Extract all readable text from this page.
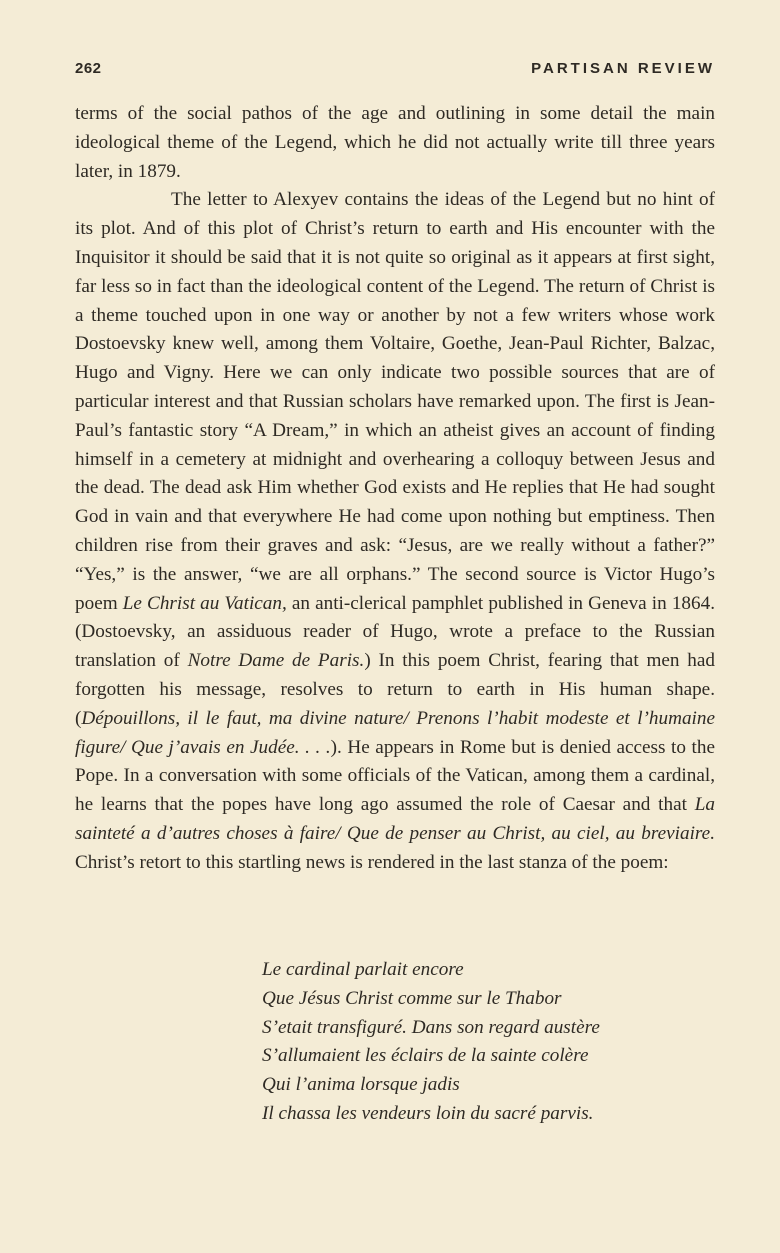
262	PARTISAN REVIEW

terms of the social pathos of the age and outlining in some detail the main ideological theme of the Legend, which he did not actually write till three years later, in 1879.

The letter to Alexyev contains the ideas of the Legend but no hint of its plot. And of this plot of Christ’s return to earth and His encounter with the Inquisitor it should be said that it is not quite so original as it appears at first sight, far less so in fact than the ideological content of the Legend. The return of Christ is a theme touched upon in one way or another by not a few writers whose work Dostoevsky knew well, among them Voltaire, Goethe, Jean-Paul Richter, Balzac, Hugo and Vigny. Here we can only indicate two possible sources that are of particular interest and that Russian scholars have remarked upon. The first is Jean-Paul’s fantastic story “A Dream,” in which an atheist gives an account of finding himself in a cemetery at midnight and overhearing a colloquy between Jesus and the dead. The dead ask Him whether God exists and He replies that He had sought God in vain and that everywhere He had come upon nothing but emptiness. Then children rise from their graves and ask: “Jesus, are we really without a father?” “Yes,” is the answer, “we are all orphans.” The second source is Victor Hugo’s poem Le Christ au Vatican, an anti-clerical pamphlet published in Geneva in 1864. (Dostoevsky, an assiduous reader of Hugo, wrote a preface to the Russian translation of Notre Dame de Paris.) In this poem Christ, fearing that men had forgotten his message, resolves to return to earth in His human shape. (Dépouillons, il le faut, ma divine nature/ Prenons l’habit modeste et l’humaine figure/ Que j’avais en Judée. . . .). He appears in Rome but is denied access to the Pope. In a conversation with some officials of the Vatican, among them a cardinal, he learns that the popes have long ago assumed the role of Caesar and that La sainteté a d’autres choses à faire/ Que de penser au Christ, au ciel, au breviaire. Christ’s retort to this startling news is rendered in the last stanza of the poem:

Le cardinal parlait encore
Que Jésus Christ comme sur le Thabor
S’etait transfiguré. Dans son regard austère
S’allumaient les éclairs de la sainte colère
Qui l’anima lorsque jadis
Il chassa les vendeurs loin du sacré parvis.
